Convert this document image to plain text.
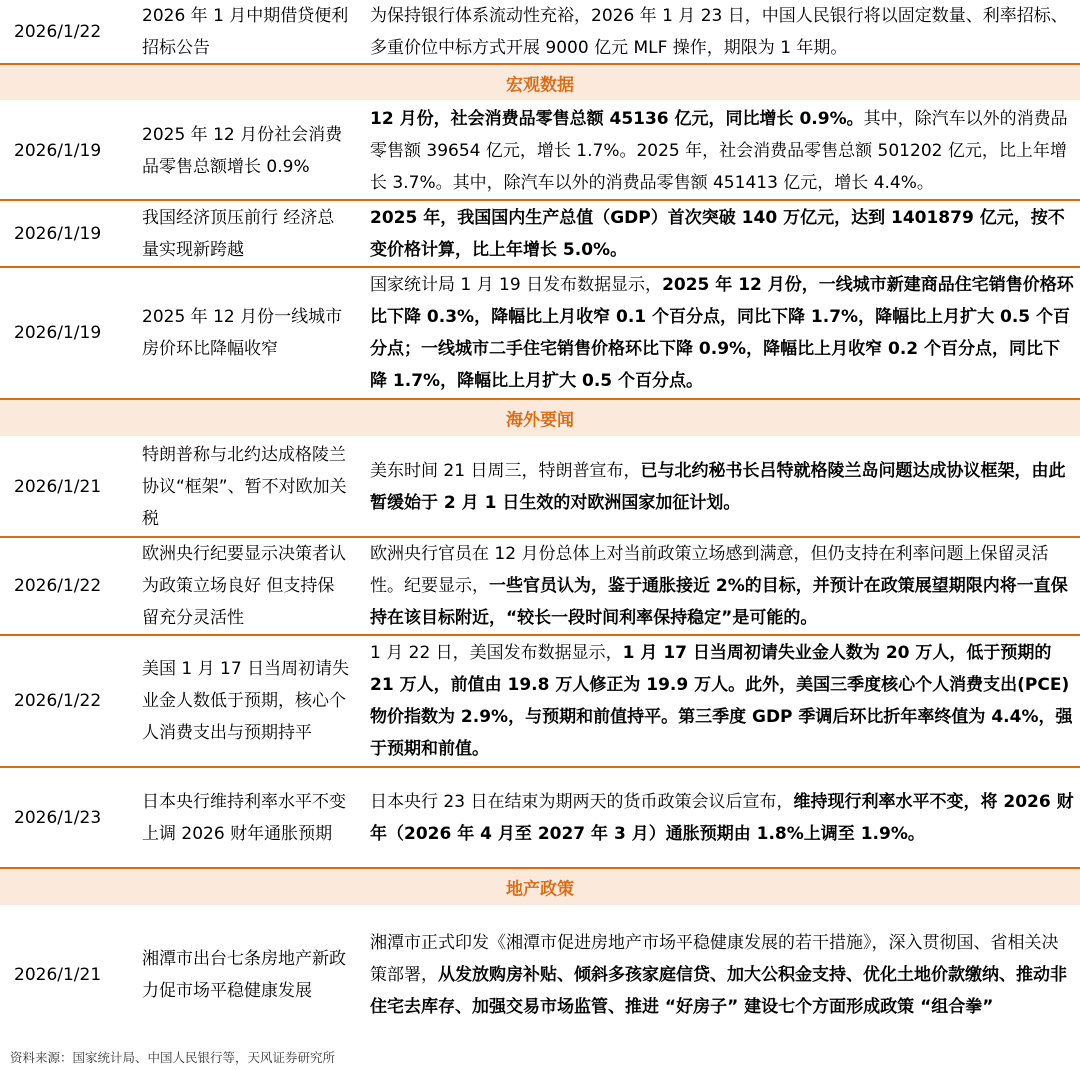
2026/1/22
2026 年 1 月中期借贷便利招标公告
为保持银行体系流动性充裕，2026 年 1 月 23 日，中国人民银行将以固定数量、利率招标、多重价位中标方式开展 9000 亿元 MLF 操作，期限为 1 年期。
宏观数据
2026/1/19
2025 年 12 月份社会消费品零售总额增长 0.9%
12 月份，社会消费品零售总额 45136 亿元，同比增长 0.9%。其中，除汽车以外的消费品零售额 39654 亿元，增长 1.7%。2025 年，社会消费品零售总额 501202 亿元，比上年增长 3.7%。其中，除汽车以外的消费品零售额 451413 亿元，增长 4.4%。
2026/1/19
我国经济顶压前行 经济总量实现新跨越
2025 年，我国国内生产总值（GDP）首次突破 140 万亿元，达到 1401879 亿元，按不变价格计算，比上年增长 5.0%。
2026/1/19
2025 年 12 月份一线城市房价环比降幅收窄
国家统计局 1 月 19 日发布数据显示，2025 年 12 月份，一线城市新建商品住宅销售价格环比下降 0.3%，降幅比上月收窄 0.1 个百分点，同比下降 1.7%，降幅比上月扩大 0.5 个百分点；一线城市二手住宅销售价格环比下降 0.9%，降幅比上月收窄 0.2 个百分点，同比下降 1.7%，降幅比上月扩大 0.5 个百分点。
海外要闻
2026/1/21
特朗普称与北约达成格陵兰协议“框架”、暂不对欧加关税
美东时间 21 日周三，特朗普宣布，已与北约秘书长吕特就格陵兰岛问题达成协议框架，由此暂缓始于 2 月 1 日生效的对欧洲国家加征计划。
2026/1/22
欧洲央行纪要显示决策者认为政策立场良好 但支持保留充分灵活性
欧洲央行官员在 12 月份总体上对当前政策立场感到满意，但仍支持在利率问题上保留灵活性。纪要显示，一些官员认为，鉴于通胀接近 2%的目标，并预计在政策展望期限内将一直保持在该目标附近，“较长一段时间利率保持稳定”是可能的。
2026/1/22
美国 1 月 17 日当周初请失业金人数低于预期，核心个人消费支出与预期持平
1 月 22 日，美国发布数据显示，1 月 17 日当周初请失业金人数为 20 万人，低于预期的 21 万人，前值由 19.8 万人修正为 19.9 万人。此外，美国三季度核心个人消费支出(PCE)物价指数为 2.9%，与预期和前值持平。第三季度 GDP 季调后环比折年率终值为 4.4%，强于预期和前值。
2026/1/23
日本央行维持利率水平不变 上调 2026 财年通胀预期
日本央行 23 日在结束为期两天的货币政策会议后宣布，维持现行利率水平不变，将 2026 财年（2026 年 4 月至 2027 年 3 月）通胀预期由 1.8%上调至 1.9%。
地产政策
2026/1/21
湘潭市出台七条房地产新政 力促市场平稳健康发展
湘潭市正式印发《湘潭市促进房地产市场平稳健康发展的若干措施》，深入贯彻国、省相关决策部署，从发放购房补贴、倾斜多孩家庭信贷、加大公积金支持、优化土地价款缴纳、推动非住宅去库存、加强交易市场监管、推进 “好房子” 建设七个方面形成政策 “组合拳”
资料来源：国家统计局、中国人民银行等，天风证券研究所
